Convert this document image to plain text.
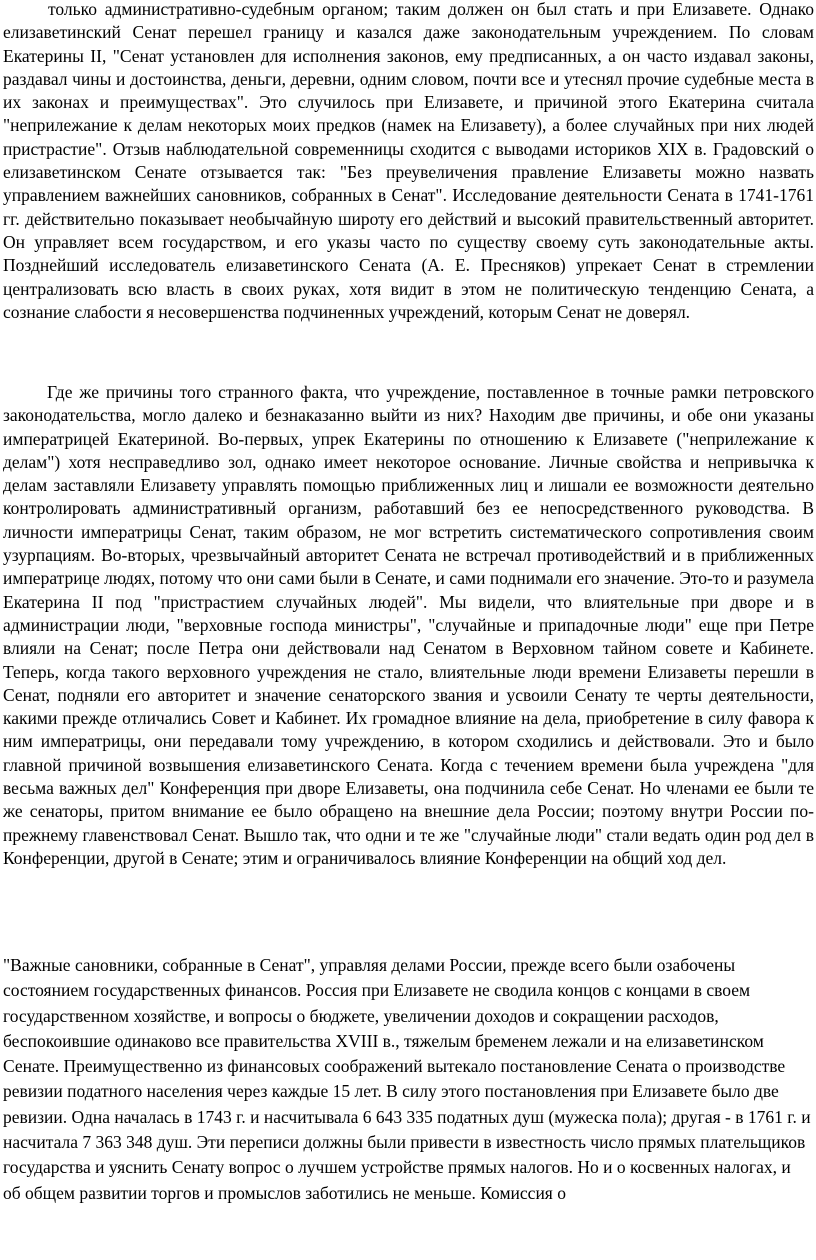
только административно-судебным органом; таким должен он был стать и при Елизавете. Однако елизаветинский Сенат перешел границу и казался даже законодательным учреждением. По словам Екатерины II, "Сенат установлен для исполнения законов, ему предписанных, а он часто издавал законы, раздавал чины и достоинства, деньги, деревни, одним словом, почти все и утеснял прочие судебные места в их законах и преимуществах". Это случилось при Елизавете, и причиной этого Екатерина считала "неприлежание к делам некоторых моих предков (намек на Елизавету), а более случайных при них людей пристрастие". Отзыв наблюдательной современницы сходится с выводами историков XIX в. Градовский о елизаветинском Сенате отзывается так: "Без преувеличения правление Елизаветы можно назвать управлением важнейших сановников, собранных в Сенат". Исследование деятельности Сената в 1741-1761 гг. действительно показывает необычайную широту его действий и высокий правительственный авторитет. Он управляет всем государством, и его указы часто по существу своему суть законодательные акты. Позднейший исследователь елизаветинского Сената (А. Е. Пресняков) упрекает Сенат в стремлении централизовать всю власть в своих руках, хотя видит в этом не политическую тенденцию Сената, а сознание слабости я несовершенства подчиненных учреждений, которым Сенат не доверял.

Где же причины того странного факта, что учреждение, поставленное в точные рамки петровского законодательства, могло далеко и безнаказанно выйти из них? Находим две причины, и обе они указаны императрицей Екатериной. Во-первых, упрек Екатерины по отношению к Елизавете ("неприлежание к делам") хотя несправедливо зол, однако имеет некоторое основание. Личные свойства и непривычка к делам заставляли Елизавету управлять помощью приближенных лиц и лишали ее возможности деятельно контролировать административный организм, работавший без ее непосредственного руководства. В личности императрицы Сенат, таким образом, не мог встретить систематического сопротивления своим узурпациям. Во-вторых, чрезвычайный авторитет Сената не встречал противодействий и в приближенных императрице людях, потому что они сами были в Сенате, и сами поднимали его значение. Это-то и разумела Екатерина II под "пристрастием случайных людей". Мы видели, что влиятельные при дворе и в администрации люди, "верховные господа министры", "случайные и припадочные люди" еще при Петре влияли на Сенат; после Петра они действовали над Сенатом в Верховном тайном совете и Кабинете. Теперь, когда такого верховного учреждения не стало, влиятельные люди времени Елизаветы перешли в Сенат, подняли его авторитет и значение сенаторского звания и усвоили Сенату те черты деятельности, какими прежде отличались Совет и Кабинет. Их громадное влияние на дела, приобретение в силу фавора к ним императрицы, они передавали тому учреждению, в котором сходились и действовали. Это и было главной причиной возвышения елизаветинского Сената. Когда с течением времени была учреждена "для весьма важных дел" Конференция при дворе Елизаветы, она подчинила себе Сенат. Но членами ее были те же сенаторы, притом внимание ее было обращено на внешние дела России; поэтому внутри России по-прежнему главенствовал Сенат. Вышло так, что одни и те же "случайные люди" стали ведать один род дел в Конференции, другой в Сенате; этим и ограничивалось влияние Конференции на общий ход дел.

"Важные сановники, собранные в Сенат", управляя делами России, прежде всего были озабочены состоянием государственных финансов. Россия при Елизавете не сводила концов с концами в своем государственном хозяйстве, и вопросы о бюджете, увеличении доходов и сокращении расходов, беспокоившие одинаково все правительства XVIII в., тяжелым бременем лежали и на елизаветинском Сенате. Преимущественно из финансовых соображений вытекало постановление Сената о производстве ревизии податного населения через каждые 15 лет. В силу этого постановления при Елизавете было две ревизии. Одна началась в 1743 г. и насчитывала 6 643 335 податных душ (мужеска пола); другая - в 1761 г. и насчитала 7 363 348 душ. Эти переписи должны были привести в известность число прямых плательщиков государства и уяснить Сенату вопрос о лучшем устройстве прямых налогов. Но и о косвенных налогах, и об общем развитии торгов и промыслов заботились не меньше. Комиссия о
